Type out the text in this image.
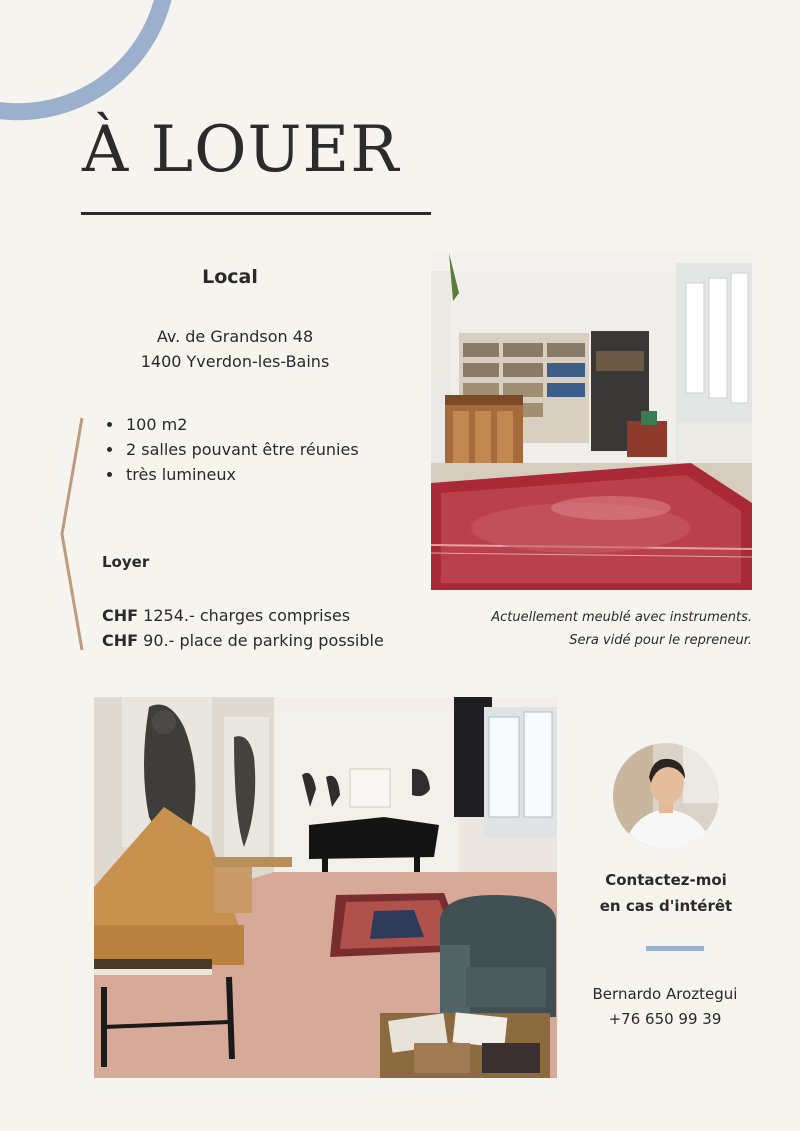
À LOUER
Local
Av. de Grandson 48
1400 Yverdon-les-Bains
• 100 m2
• 2 salles pouvant être réunies
• très lumineux
Loyer
CHF 1254.- charges comprises
CHF 90.- place de parking possible
Actuellement meublé avec instruments.
Sera vidé pour le repreneur.
Contactez-moi
en cas d'intérêt
Bernardo Aroztegui
+76 650 99 39
